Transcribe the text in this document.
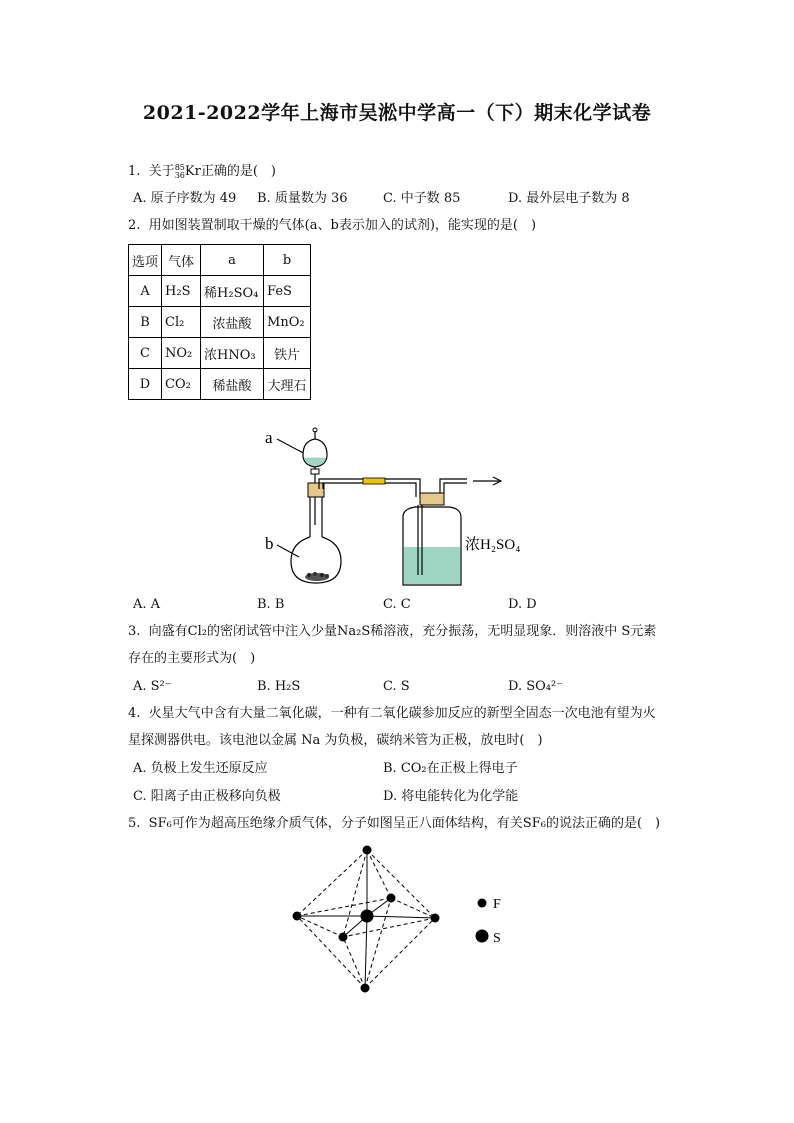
2021-2022学年上海市吴淞中学高一（下）期末化学试卷
1. 关于85
36Kr正确的是(　)
A. 原子序数为 49 B. 质量数为 36	C. 中子数 85	D. 最外层电子数为 8
2. 用如图装置制取干燥的气体(a、b表示加入的试剂)，能实现的是(　)
选项	气体	a	b
A	H₂S	稀H₂SO₄	FeS
B	Cl₂	浓盐酸	MnO₂
C	NO₂	浓HNO₃	铁片
D	CO₂	稀盐酸	大理石
a
b	浓H₂SO₄
A. A	B. B	C. C	D. D
3. 向盛有Cl₂的密闭试管中注入少量Na₂S稀溶液，充分振荡，无明显现象．则溶液中 S元素
存在的主要形式为(　)
A. S²⁻	B. H₂S	C. S	D. SO₄²⁻
4. 火星大气中含有大量二氧化碳，一种有二氧化碳参加反应的新型全固态一次电池有望为火
星探测器供电。该电池以金属 Na 为负极，碳纳米管为正极，放电时(　)
A. 负极上发生还原反应	B. CO₂在正极上得电子
C. 阳离子由正极移向负极	D. 将电能转化为化学能
5. SF₆可作为超高压绝缘介质气体，分子如图呈正八面体结构，有关SF₆的说法正确的是(　)
F
S
